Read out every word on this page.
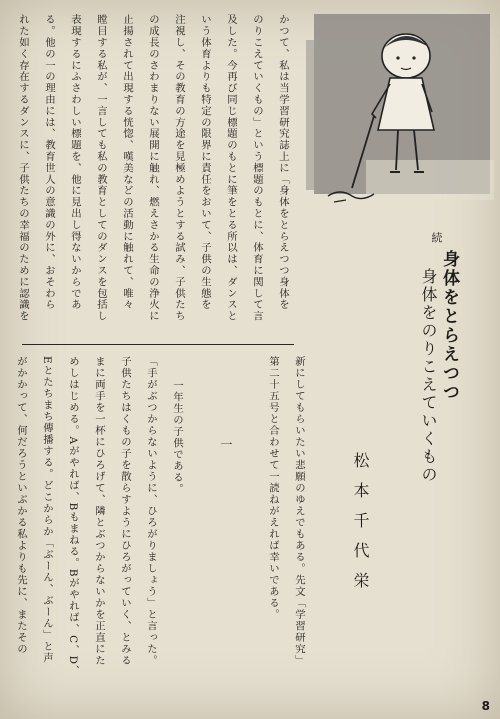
かつて、私は当学習研究誌上に「身体をとらえつつ身体を
のりこえていくもの」という標題のもとに、体育に関して言
及した。今再び同じ標題のもとに筆をとる所以は、ダンスと
いう体育よりも特定の限界に責任をおいて、子供の生態を
注視し、その教育の方途を見極めようとする試み、子供たち
の成長のさわまりない展開に触れ、燃えさかる生命の浄火に
止揚されて出現する恍惚、嘆美などの活動に触れて、唯々
瞠目する私が、一言しても私の教育としてのダンスを包括し
表現するにふさわしい標題を、他に見出し得ないからであ
る。他の一の理由には、教育世人の意識の外に、おそわら
れた如く存在するダンスに、子供たちの幸福のために認識を	続
身体をとらえつつ
身体をのりこえていくもの
松本千代栄
新にしてもらいたい悲願のゆえでもある。先文「学習研究」
第二十五号と合わせて一読ねがえれば幸いである。
一
一年生の子供である。
「手がぶつからないように、ひろがりましょう」と言った。
子供たちはくもの子を散らすようにひろがっていく、とみる
まに両手を一杯にひろげて、隣とぶつからないかを正直にた
めしはじめる。Aがやれば、Bもまねる。Bがやれば、C、D、
Eとたちまち傳播する。どこからか「ぶーん、ぶーん」と声
がかかって、何だろうといぶかる私よりも先に、またその
8
